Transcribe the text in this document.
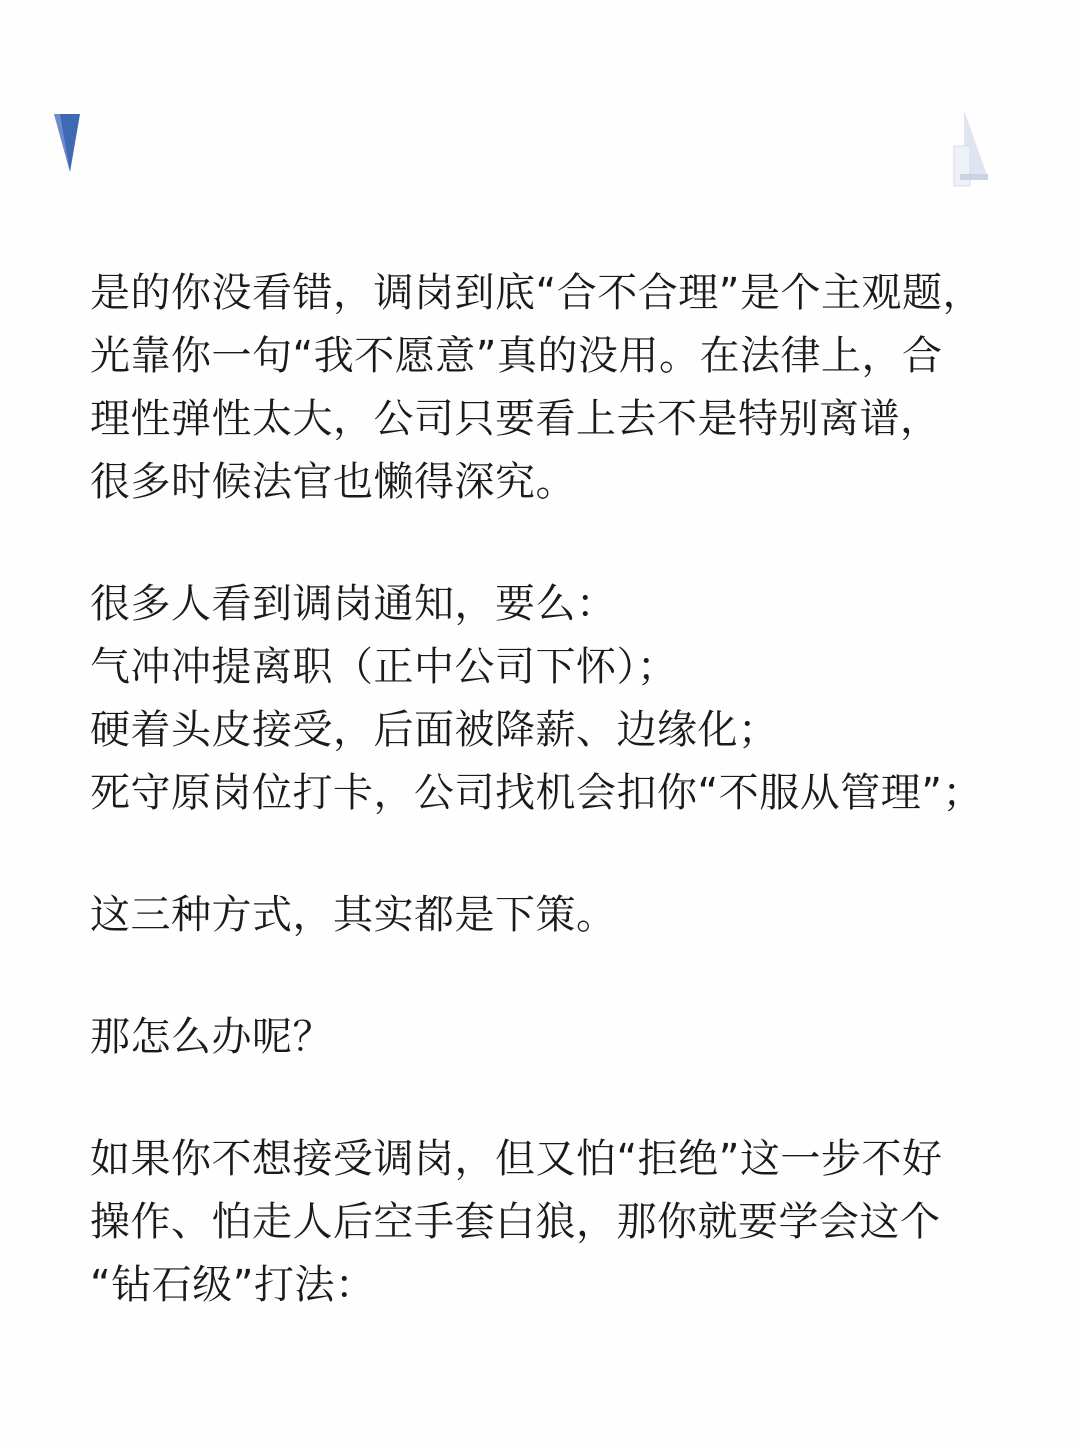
是的你没看错，调岗到底“合不合理”是个主观题，
光靠你一句“我不愿意”真的没用。在法律上，合
理性弹性太大，公司只要看上去不是特别离谱，
很多时候法官也懒得深究。
很多人看到调岗通知，要么：
气冲冲提离职（正中公司下怀）；
硬着头皮接受，后面被降薪、边缘化；
死守原岗位打卡，公司找机会扣你“不服从管理”；
这三种方式，其实都是下策。
那怎么办呢？
如果你不想接受调岗，但又怕“拒绝”这一步不好
操作、怕走人后空手套白狼，那你就要学会这个
“钻石级”打法：
